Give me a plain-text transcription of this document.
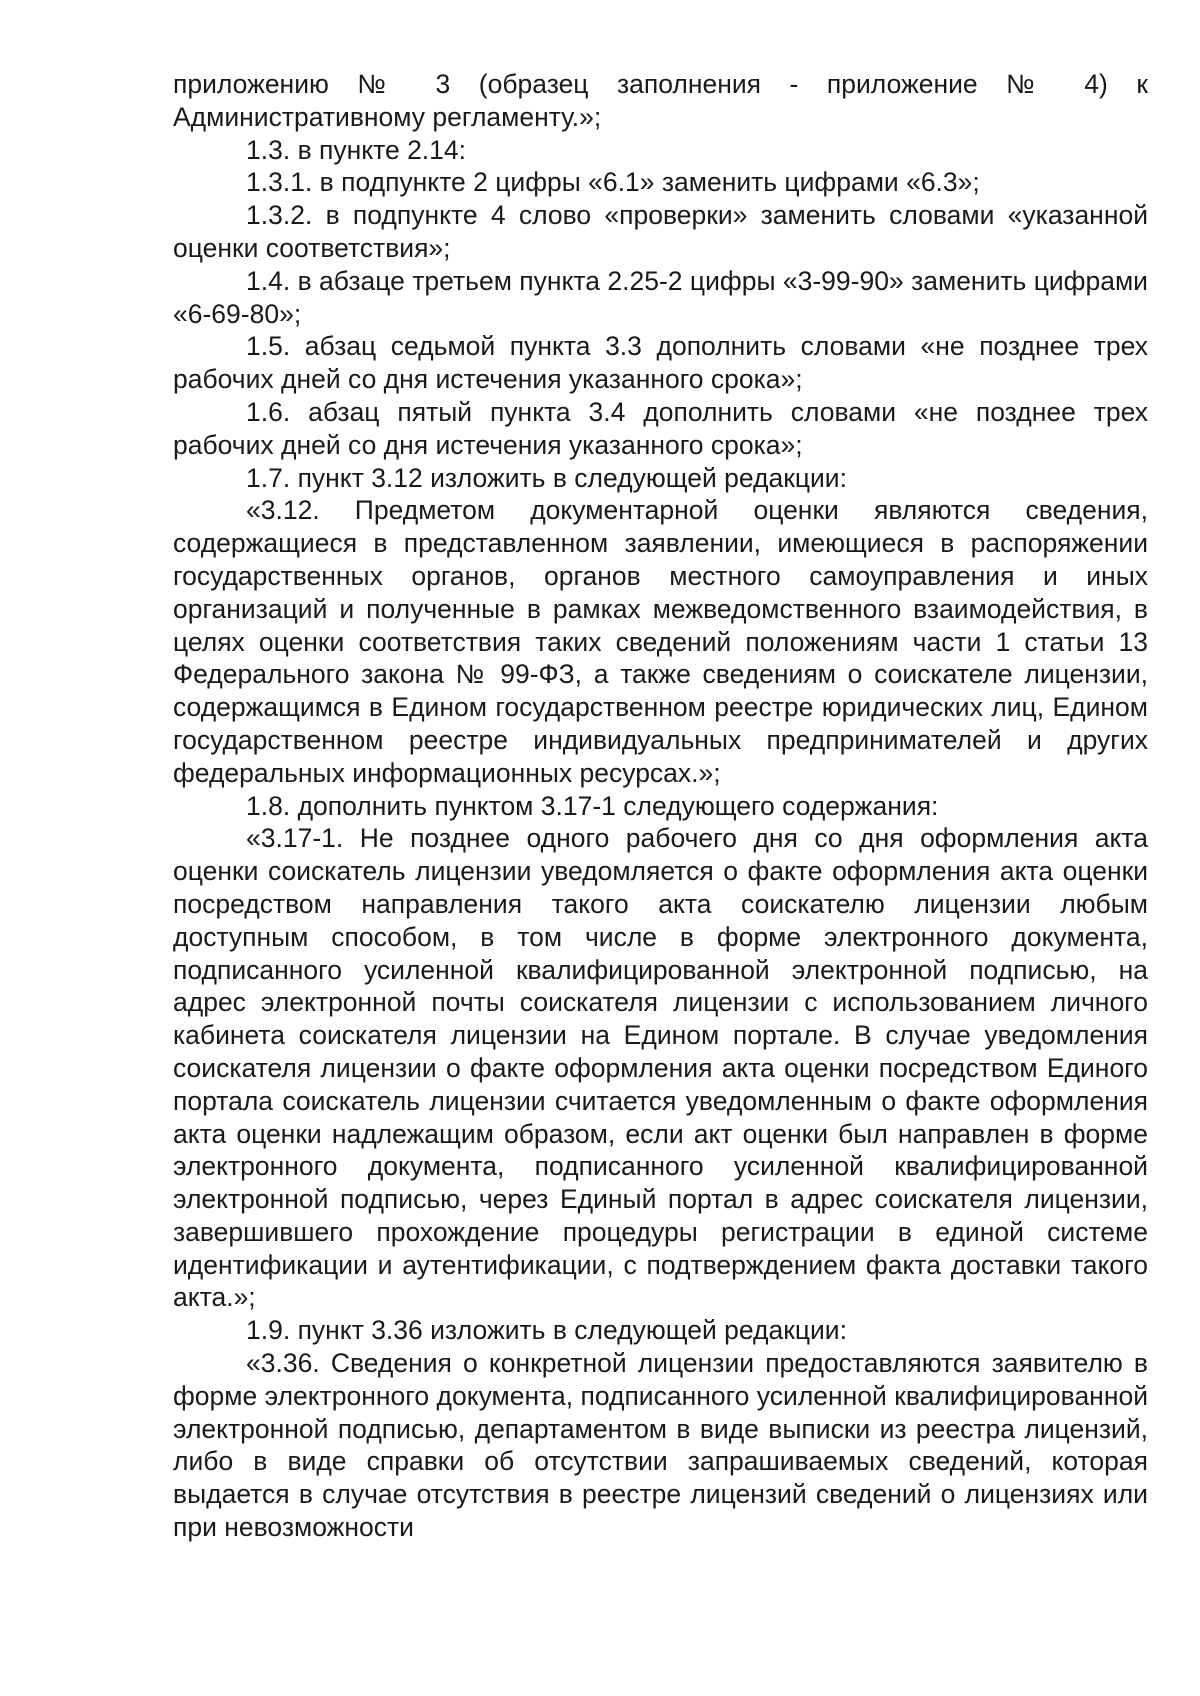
приложению № 3 (образец заполнения - приложение № 4) к Административному регламенту.»;

1.3. в пункте 2.14:

1.3.1. в подпункте 2 цифры «6.1» заменить цифрами «6.3»;

1.3.2. в подпункте 4 слово «проверки» заменить словами «указанной оценки соответствия»;

1.4. в абзаце третьем пункта 2.25-2 цифры «3-99-90» заменить цифрами «6-69-80»;

1.5. абзац седьмой пункта 3.3 дополнить словами «не позднее трех рабочих дней со дня истечения указанного срока»;

1.6. абзац пятый пункта 3.4 дополнить словами «не позднее трех рабочих дней со дня истечения указанного срока»;

1.7. пункт 3.12 изложить в следующей редакции:

«3.12. Предметом документарной оценки являются сведения, содержащиеся в представленном заявлении, имеющиеся в распоряжении государственных органов, органов местного самоуправления и иных организаций и полученные в рамках межведомственного взаимодействия, в целях оценки соответствия таких сведений положениям части 1 статьи 13 Федерального закона № 99-ФЗ, а также сведениям о соискателе лицензии, содержащимся в Едином государственном реестре юридических лиц, Едином государственном реестре индивидуальных предпринимателей и других федеральных информационных ресурсах.»;

1.8. дополнить пунктом 3.17-1 следующего содержания:

«3.17-1. Не позднее одного рабочего дня со дня оформления акта оценки соискатель лицензии уведомляется о факте оформления акта оценки посредством направления такого акта соискателю лицензии любым доступным способом, в том числе в форме электронного документа, подписанного усиленной квалифицированной электронной подписью, на адрес электронной почты соискателя лицензии с использованием личного кабинета соискателя лицензии на Едином портале. В случае уведомления соискателя лицензии о факте оформления акта оценки посредством Единого портала соискатель лицензии считается уведомленным о факте оформления акта оценки надлежащим образом, если акт оценки был направлен в форме электронного документа, подписанного усиленной квалифицированной электронной подписью, через Единый портал в адрес соискателя лицензии, завершившего прохождение процедуры регистрации в единой системе идентификации и аутентификации, с подтверждением факта доставки такого акта.»;

1.9. пункт 3.36 изложить в следующей редакции:

«3.36. Сведения о конкретной лицензии предоставляются заявителю в форме электронного документа, подписанного усиленной квалифицированной электронной подписью, департаментом в виде выписки из реестра лицензий, либо в виде справки об отсутствии запрашиваемых сведений, которая выдается в случае отсутствия в реестре лицензий сведений о лицензиях или при невозможности
